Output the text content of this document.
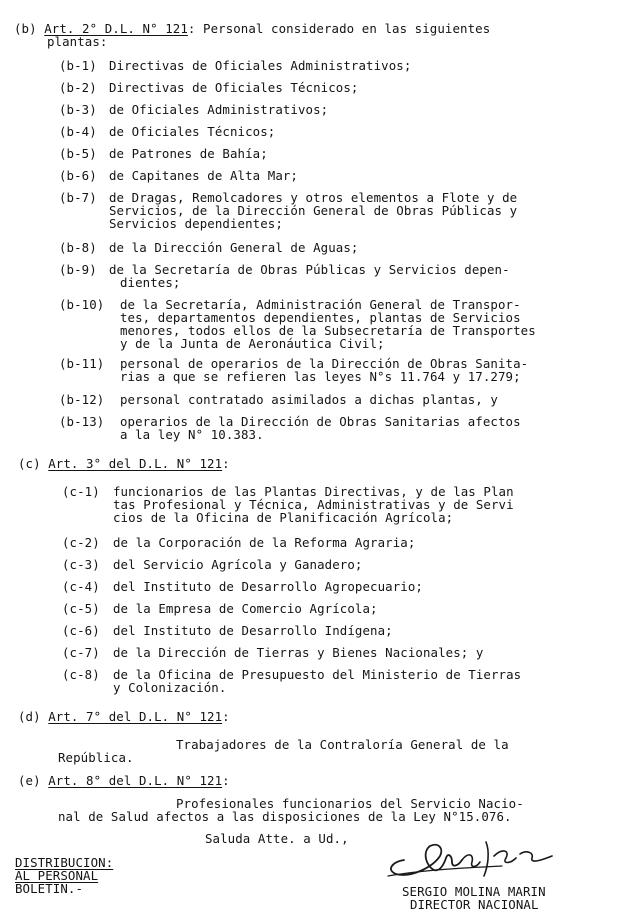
(b) Art. 2° D.L. N° 121: Personal considerado en las siguientes
plantas:
(b-1) Directivas de Oficiales Administrativos;
(b-2) Directivas de Oficiales Técnicos;
(b-3) de Oficiales Administrativos;
(b-4) de Oficiales Técnicos;
(b-5) de Patrones de Bahía;
(b-6) de Capitanes de Alta Mar;
(b-7) de Dragas, Remolcadores y otros elementos a Flote y de
Servicios, de la Dirección General de Obras Públicas y
Servicios dependientes;
(b-8) de la Dirección General de Aguas;
(b-9) de la Secretaría de Obras Públicas y Servicios depen-
dientes;
(b-10) de la Secretaría, Administración General de Transpor-
tes, departamentos dependientes, plantas de Servicios
menores, todos ellos de la Subsecretaría de Transportes
y de la Junta de Aeronáutica Civil;
(b-11) personal de operarios de la Dirección de Obras Sanita-
rias a que se refieren las leyes N°s 11.764 y 17.279;
(b-12) personal contratado asimilados a dichas plantas, y
(b-13) operarios de la Dirección de Obras Sanitarias afectos
a la ley N° 10.383.
(c) Art. 3° del D.L. N° 121:
(c-1) funcionarios de las Plantas Directivas, y de las Plan
tas Profesional y Técnica, Administrativas y de Servi
cios de la Oficina de Planificación Agrícola;
(c-2) de la Corporación de la Reforma Agraria;
(c-3) del Servicio Agrícola y Ganadero;
(c-4) del Instituto de Desarrollo Agropecuario;
(c-5) de la Empresa de Comercio Agrícola;
(c-6) del Instituto de Desarrollo Indígena;
(c-7) de la Dirección de Tierras y Bienes Nacionales; y
(c-8) de la Oficina de Presupuesto del Ministerio de Tierras
y Colonización.
(d) Art. 7° del D.L. N° 121:
Trabajadores de la Contraloría General de la
República.
(e) Art. 8° del D.L. N° 121:
Profesionales funcionarios del Servicio Nacio-
nal de Salud afectos a las disposiciones de la Ley N°15.076.
Saluda Atte. a Ud.,
DISTRIBUCION:
AL PERSONAL
BOLETIN.-	SERGIO MOLINA MARIN
DIRECTOR NACIONAL
